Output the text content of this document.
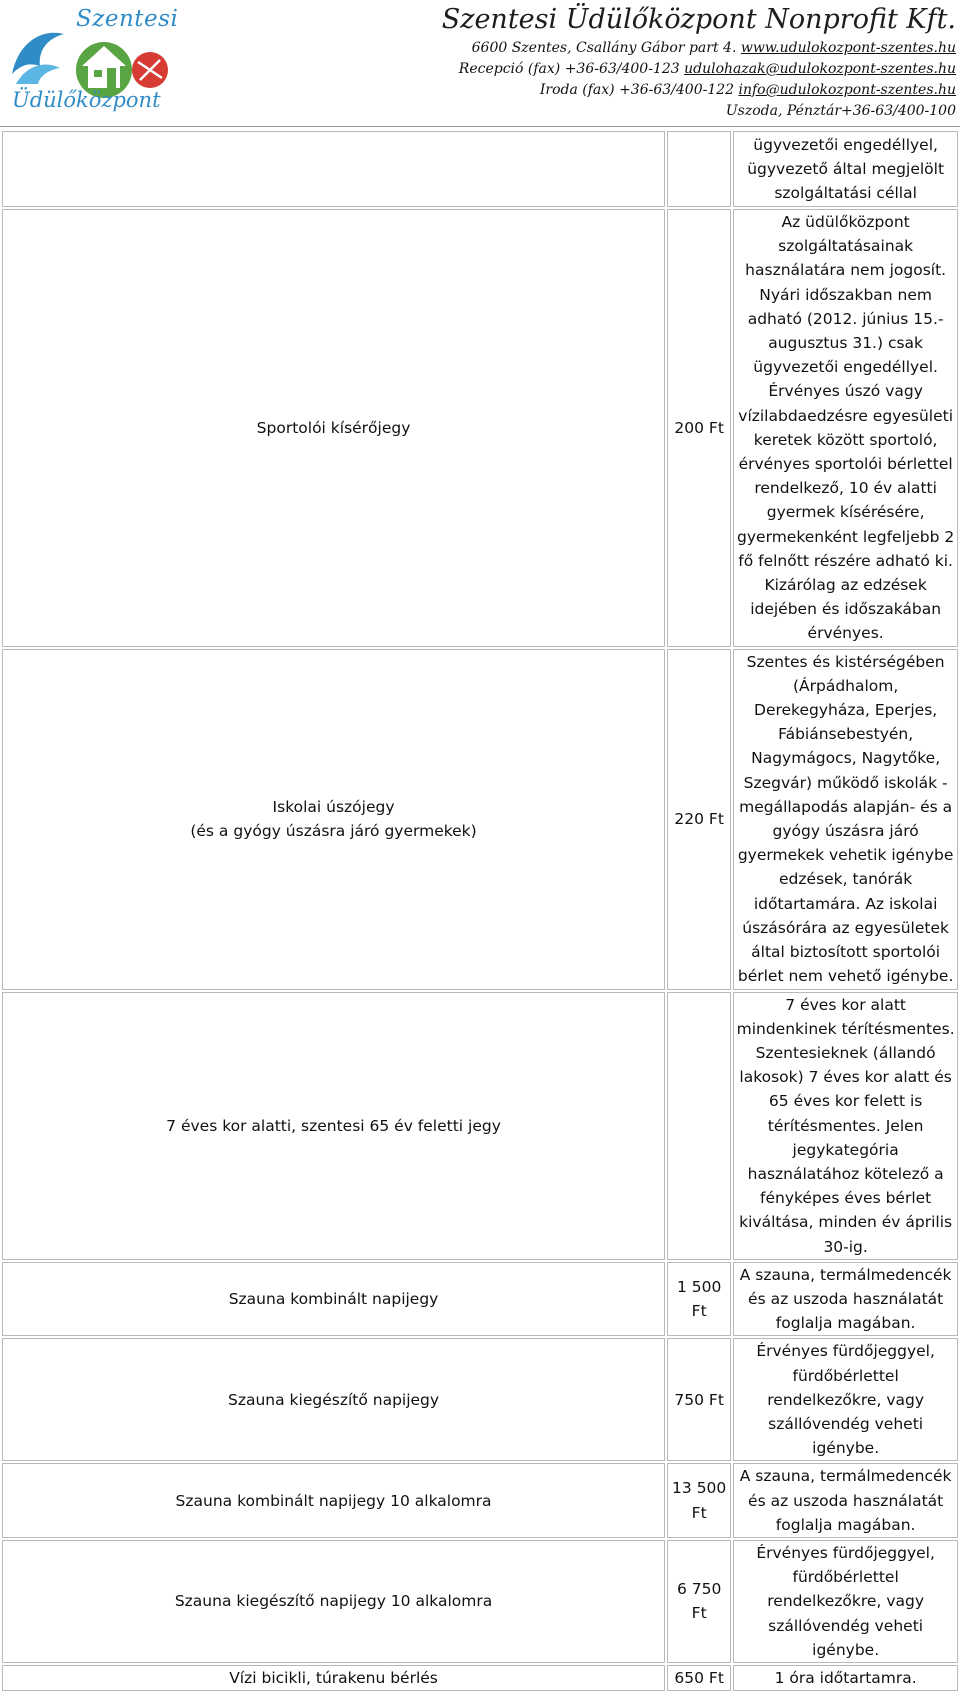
Szentesi
Üdülőközpont
Szentesi Üdülőközpont Nonprofit Kft.
6600 Szentes, Csallány Gábor part 4. www.udulokozpont-szentes.hu
Recepció (fax) +36-63/400-123 udulohazak@udulokozpont-szentes.hu
Iroda (fax) +36-63/400-122 info@udulokozpont-szentes.hu
Uszoda, Pénztár+36-63/400-100
		ügyvezetői engedéllyel, ügyvezető által megjelölt szolgáltatási céllal
Sportolói kísérőjegy	200 Ft	Az üdülőközpont szolgáltatásainak használatára nem jogosít. Nyári időszakban nem adható (2012. június 15.-augusztus 31.) csak ügyvezetői engedéllyel. Érvényes úszó vagy vízilabdaedzésre egyesületi keretek között sportoló, érvényes sportolói bérlettel rendelkező, 10 év alatti gyermek kísérésére, gyermekenként legfeljebb 2 fő felnőtt részére adható ki. Kizárólag az edzések idejében és időszakában érvényes.

Iskolai úszójegy
(és a gyógy úszásra járó gyermekek)	220 Ft	Szentes és kistérségében (Árpádhalom, Derekegyháza, Eperjes, Fábiánsebestyén, Nagymágocs, Nagytőke, Szegvár) működő iskolák - megállapodás alapján- és a gyógy úszásra járó gyermekek vehetik igénybe edzések, tanórák időtartamára. Az iskolai úszásórára az egyesületek által biztosított sportolói bérlet nem vehető igénybe.
7 éves kor alatti, szentesi 65 év feletti jegy		7 éves kor alatt mindenkinek térítésmentes. Szentesieknek (állandó lakosok) 7 éves kor alatt és 65 éves kor felett is térítésmentes. Jelen jegykategória használatához kötelező a fényképes éves bérlet kiváltása, minden év április 30-ig.
Szauna kombinált napijegy	1 500 Ft	A szauna, termálmedencék és az uszoda használatát foglalja magában.
Szauna kiegészítő napijegy	750 Ft	Érvényes fürdőjeggyel, fürdőbérlettel rendelkezőkre, vagy szállóvendég veheti igénybe.
Szauna kombinált napijegy 10 alkalomra	13 500 Ft	A szauna, termálmedencék és az uszoda használatát foglalja magában.
Szauna kiegészítő napijegy 10 alkalomra	6 750 Ft	Érvényes fürdőjeggyel, fürdőbérlettel rendelkezőkre, vagy szállóvendég veheti igénybe.
Vízi bicikli, túrakenu bérlés	650 Ft	1 óra időtartamra.
